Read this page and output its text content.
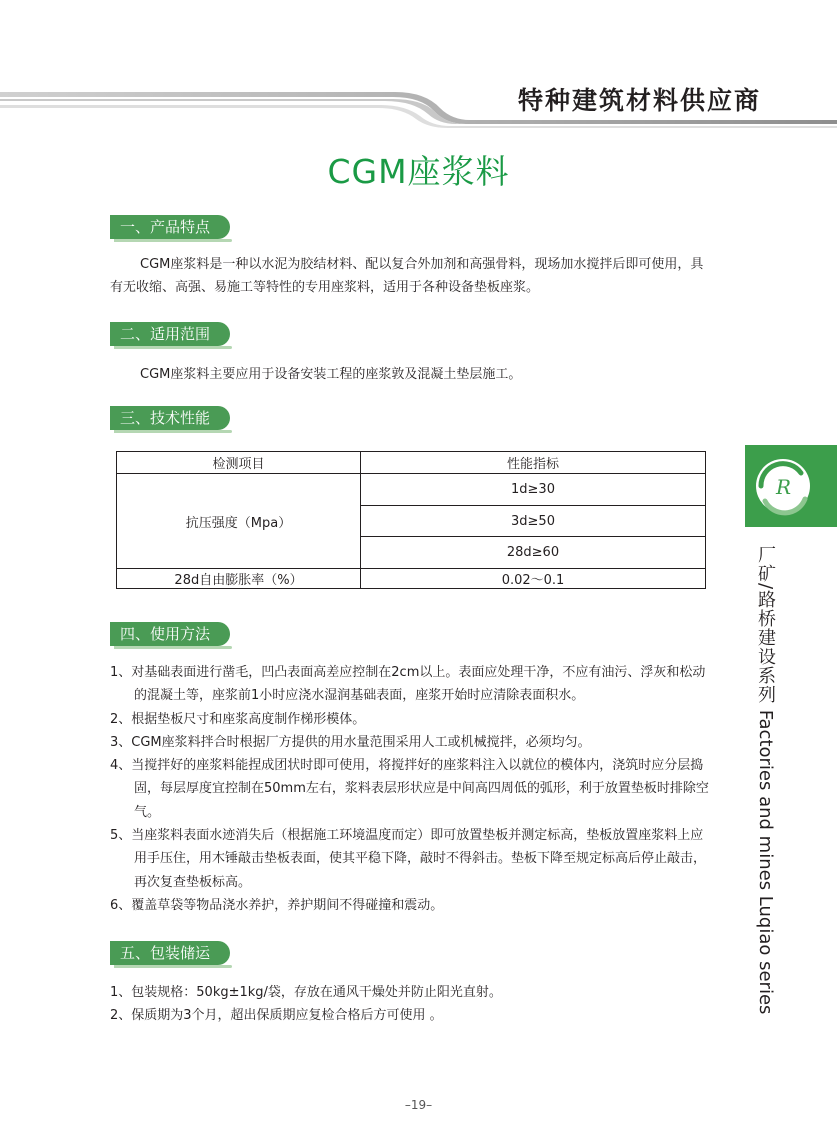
特种建筑材料供应商
CGM座浆料
一、产品特点
CGM座浆料是一种以水泥为胶结材料、配以复合外加剂和高强骨料，现场加水搅拌后即可使用，具有无收缩、高强、易施工等特性的专用座浆料，适用于各种设备垫板座浆。
二、适用范围
CGM座浆料主要应用于设备安装工程的座浆敦及混凝土垫层施工。
三、技术性能
检测项目	性能指标
抗压强度（Mpa）	1d≥30
	3d≥50
	28d≥60
28d自由膨胀率（%）	0.02～0.1
四、使用方法
1、对基础表面进行凿毛，凹凸表面高差应控制在2cm以上。表面应处理干净，不应有油污、浮灰和松动的混凝土等，座浆前1小时应浇水湿润基础表面，座浆开始时应清除表面积水。
2、根据垫板尺寸和座浆高度制作梯形模体。
3、CGM座浆料拌合时根据厂方提供的用水量范围采用人工或机械搅拌，必须均匀。
4、当搅拌好的座浆料能捏成团状时即可使用，将搅拌好的座浆料注入以就位的模体内，浇筑时应分层捣固，每层厚度宜控制在50mm左右，浆料表层形状应是中间高四周低的弧形，利于放置垫板时排除空气。
5、当座浆料表面水迹消失后（根据施工环境温度而定）即可放置垫板并测定标高，垫板放置座浆料上应用手压住，用木锤敲击垫板表面，使其平稳下降，敲时不得斜击。垫板下降至规定标高后停止敲击，再次复查垫板标高。
6、覆盖草袋等物品浇水养护，养护期间不得碰撞和震动。
五、包装储运
1、包装规格：50kg±1kg/袋，存放在通风干燥处并防止阳光直射。
2、保质期为3个月，超出保质期应复检合格后方可使用 。
–19–
R
厂矿/路桥建设系列 Factories and mines Luqiao series
